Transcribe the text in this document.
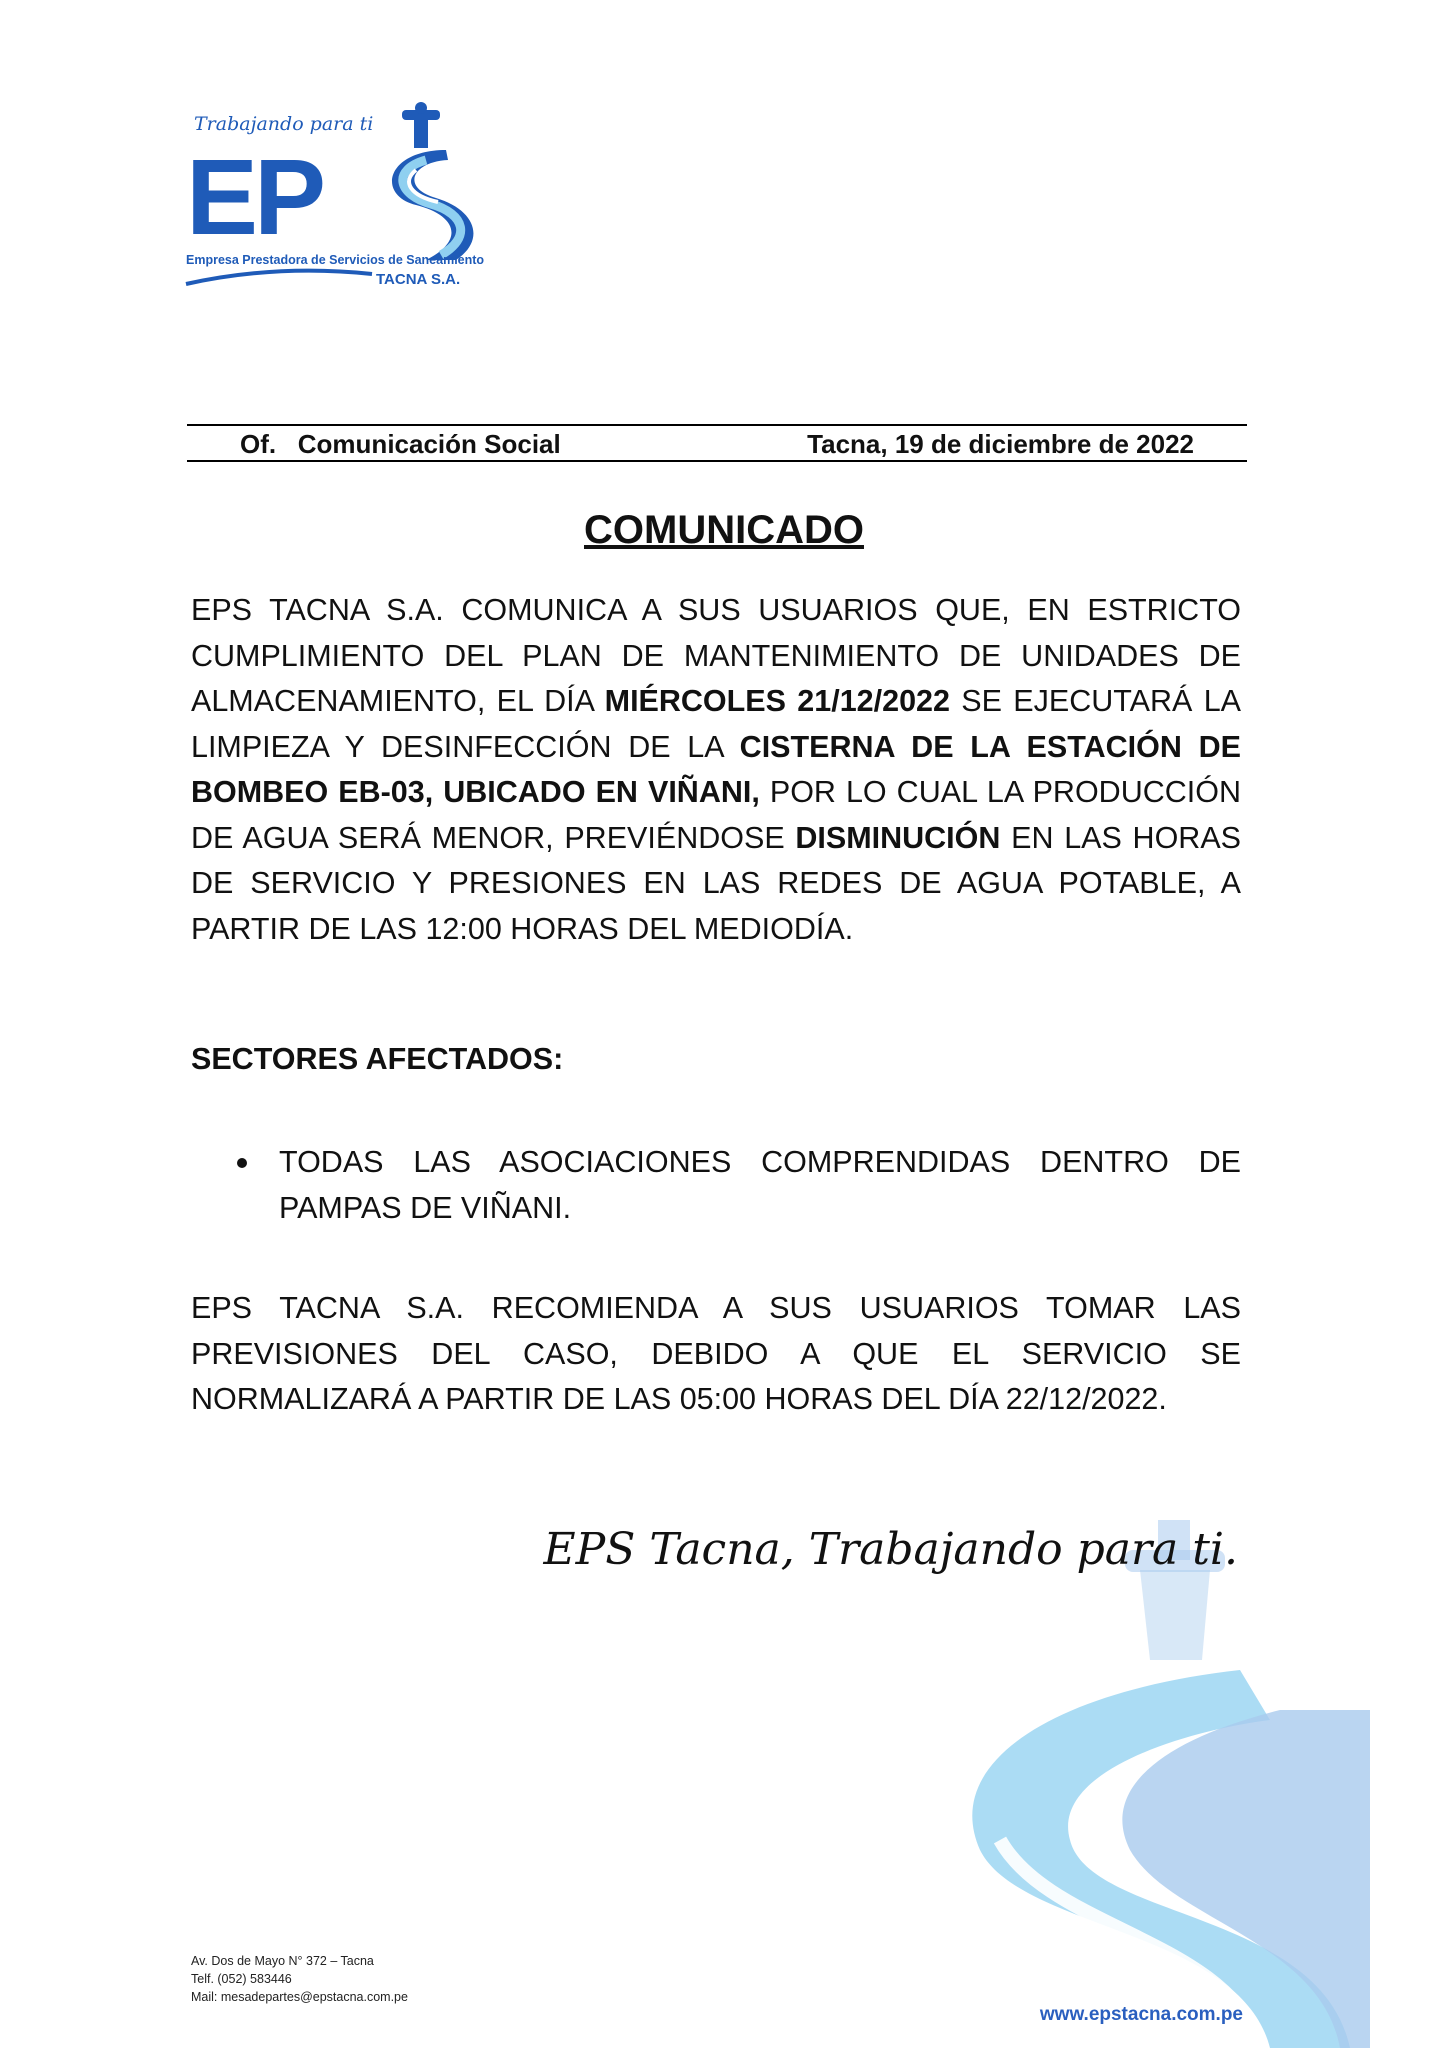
Trabajando para ti
EP
Empresa Prestadora de Servicios de Saneamiento
TACNA S.A.
Of.   Comunicación Social	Tacna, 19 de diciembre de 2022
COMUNICADO
EPS TACNA S.A. COMUNICA A SUS USUARIOS QUE, EN ESTRICTO CUMPLIMIENTO DEL PLAN DE MANTENIMIENTO DE UNIDADES DE ALMACENAMIENTO, EL DÍA MIÉRCOLES 21/12/2022 SE EJECUTARÁ LA LIMPIEZA Y DESINFECCIÓN DE LA CISTERNA DE LA ESTACIÓN DE BOMBEO EB-03, UBICADO EN VIÑANI, POR LO CUAL LA PRODUCCIÓN DE AGUA SERÁ MENOR, PREVIÉNDOSE DISMINUCIÓN EN LAS HORAS DE SERVICIO Y PRESIONES EN LAS REDES DE AGUA POTABLE, A PARTIR DE LAS 12:00 HORAS DEL MEDIODÍA.
SECTORES AFECTADOS:
TODAS LAS ASOCIACIONES COMPRENDIDAS DENTRO DE PAMPAS DE VIÑANI.
EPS TACNA S.A. RECOMIENDA A SUS USUARIOS TOMAR LAS PREVISIONES DEL CASO, DEBIDO A QUE EL SERVICIO SE NORMALIZARÁ A PARTIR DE LAS 05:00 HORAS DEL DÍA 22/12/2022.
EPS Tacna, Trabajando para ti.
Av. Dos de Mayo N° 372 – Tacna
Telf. (052) 583446
Mail: mesadepartes@epstacna.com.pe
www.epstacna.com.pe
